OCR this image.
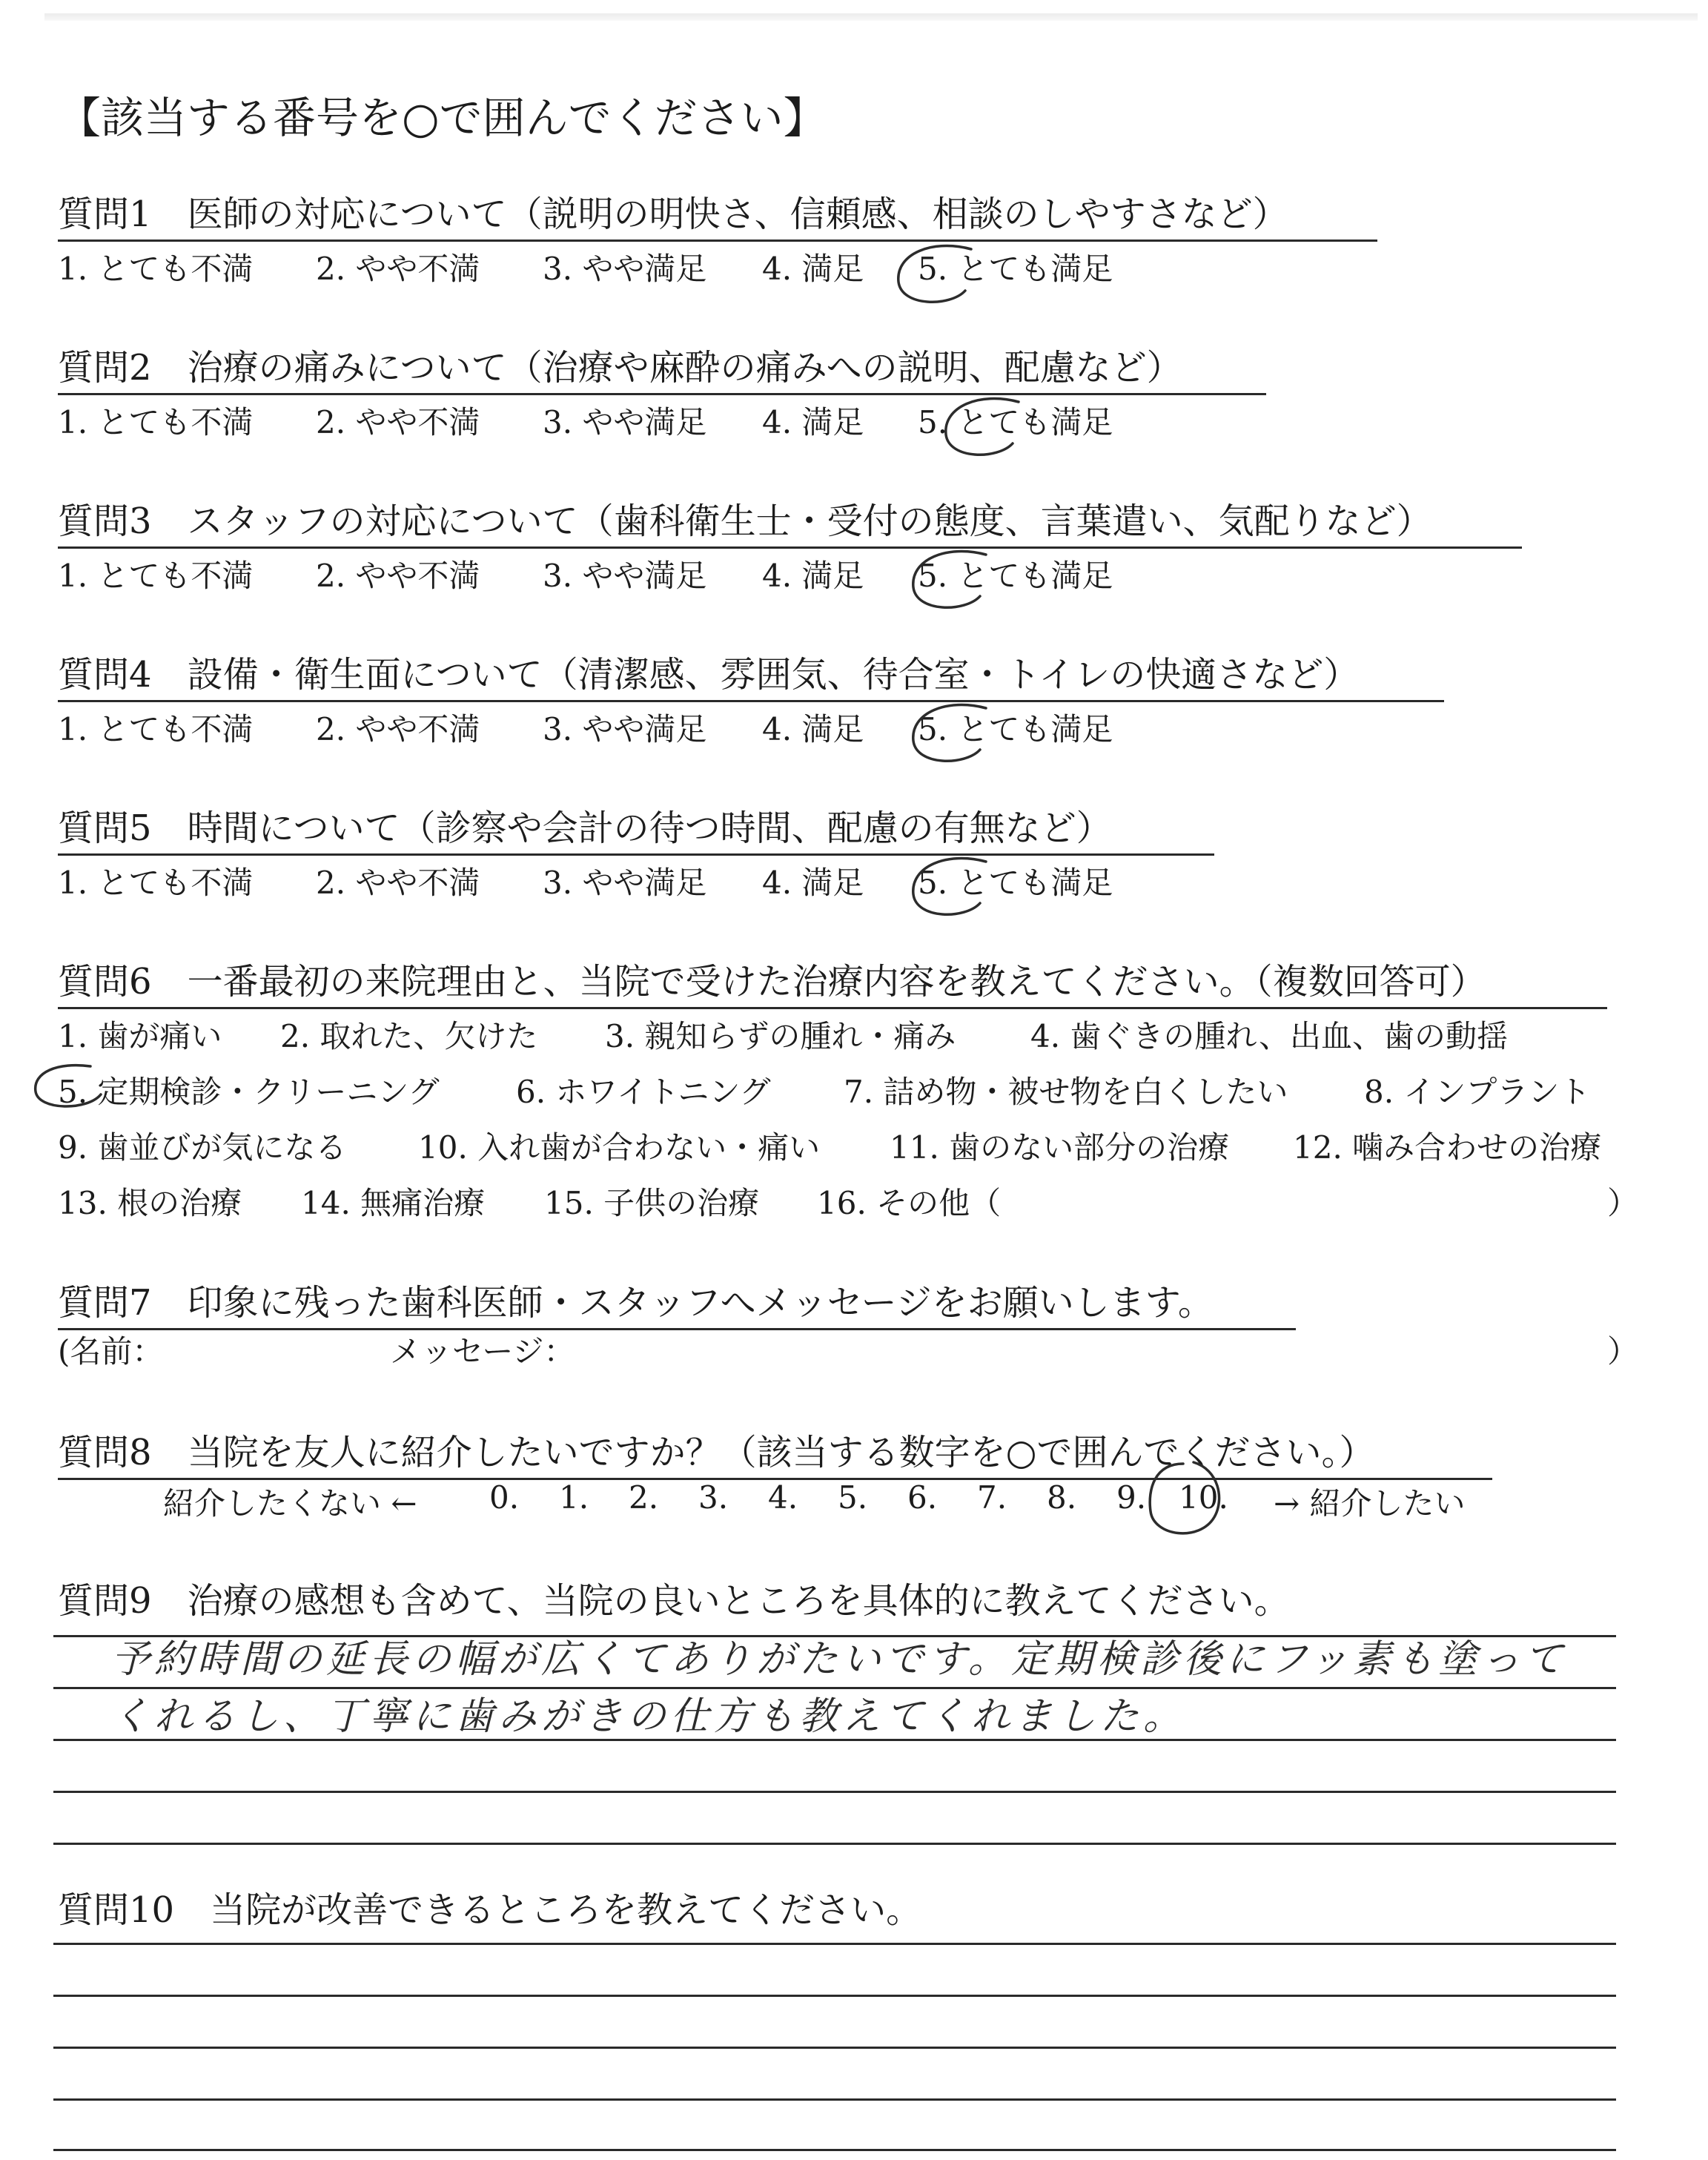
【該当する番号を○で囲んでください】
質問1　 医師の対応について（説明の明快さ、信頼感、相談のしやすさなど）
1. とても不満 2. やや不満 3. やや満足 4. 満足 5. とても満足
質問2　 治療の痛みについて（治療や麻酔の痛みへの説明、配慮など）
1. とても不満 2. やや不満 3. やや満足 4. 満足 5. とても満足
質問3　 スタッフの対応について（歯科衛生士・受付の態度、言葉遣い、気配りなど）
1. とても不満 2. やや不満 3. やや満足 4. 満足 5. とても満足
質問4　 設備・衛生面について（清潔感、雰囲気、待合室・トイレの快適さなど）
1. とても不満 2. やや不満 3. やや満足 4. 満足 5. とても満足
質問5　 時間について（診察や会計の待つ時間、配慮の有無など）
1. とても不満 2. やや不満 3. やや満足 4. 満足 5. とても満足
質問6　 一番最初の来院理由と、当院で受けた治療内容を教えてください。（複数回答可）
1. 歯が痛い 2. 取れた、欠けた 3. 親知らずの腫れ・痛み 4. 歯ぐきの腫れ、出血、歯の動揺
5. 定期検診・クリーニング 6. ホワイトニング 7. 詰め物・被せ物を白くしたい 8. インプラント
9. 歯並びが気になる 10. 入れ歯が合わない・痛い 11. 歯のない部分の治療 12. 噛み合わせの治療
13. 根の治療 14. 無痛治療 15. 子供の治療 16. その他（	）
質問7　 印象に残った歯科医師・スタッフへメッセージをお願いします。
(名前：	メッセージ：	）
質問8　 当院を友人に紹介したいですか？（該当する数字を○で囲んでください。）
紹介したくない ← 0. 1. 2. 3. 4. 5. 6. 7. 8. 9. 10. → 紹介したい
質問9　 治療の感想も含めて、当院の良いところを具体的に教えてください。
予約時間の延長の幅が広くてありがたいです。定期検診後にフッ素も塗って
くれるし、丁寧に歯みがきの仕方も教えてくれました。
質問10　 当院が改善できるところを教えてください。
